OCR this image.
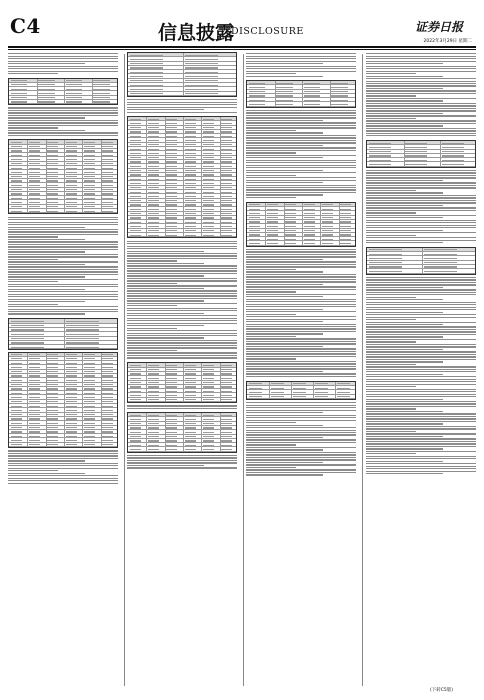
C4	信息披露
DISCLOSURE	证券日报
2022年3月29日 星期二
(下转C5版)
